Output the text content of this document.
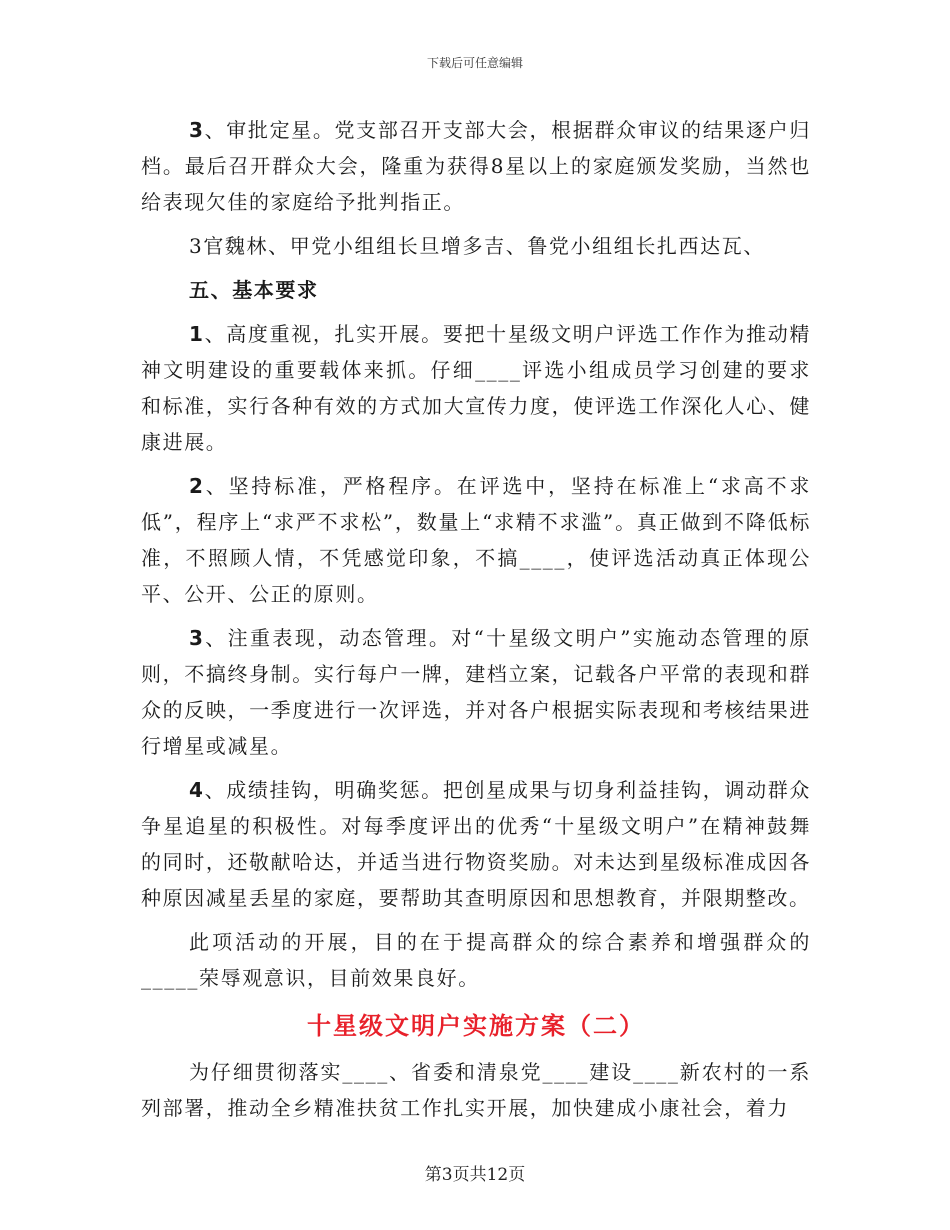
下载后可任意编辑

3、审批定星。党支部召开支部大会，根据群众审议的结果逐户归档。最后召开群众大会，隆重为获得8星以上的家庭颁发奖励，当然也给表现欠佳的家庭给予批判指正。

3官魏林、甲党小组组长旦增多吉、鲁党小组组长扎西达瓦、

五、基本要求

1、高度重视，扎实开展。要把十星级文明户评选工作作为推动精神文明建设的重要载体来抓。仔细____评选小组成员学习创建的要求和标准，实行各种有效的方式加大宣传力度，使评选工作深化人心、健康进展。

2、坚持标准，严格程序。在评选中，坚持在标准上“求高不求低”，程序上“求严不求松”，数量上“求精不求滥”。真正做到不降低标准，不照顾人情，不凭感觉印象，不搞____，使评选活动真正体现公平、公开、公正的原则。

3、注重表现，动态管理。对“十星级文明户”实施动态管理的原则，不搞终身制。实行每户一牌，建档立案，记载各户平常的表现和群众的反映，一季度进行一次评选，并对各户根据实际表现和考核结果进行增星或减星。

4、成绩挂钩，明确奖惩。把创星成果与切身利益挂钩，调动群众争星追星的积极性。对每季度评出的优秀“十星级文明户”在精神鼓舞的同时，还敬献哈达，并适当进行物资奖励。对未达到星级标准成因各种原因减星丢星的家庭，要帮助其查明原因和思想教育，并限期整改。

此项活动的开展，目的在于提高群众的综合素养和增强群众的_____荣辱观意识，目前效果良好。

十星级文明户实施方案（二）

为仔细贯彻落实____、省委和清泉党____建设____新农村的一系列部署，推动全乡精准扶贫工作扎实开展，加快建成小康社会，着力

第3页共12页
